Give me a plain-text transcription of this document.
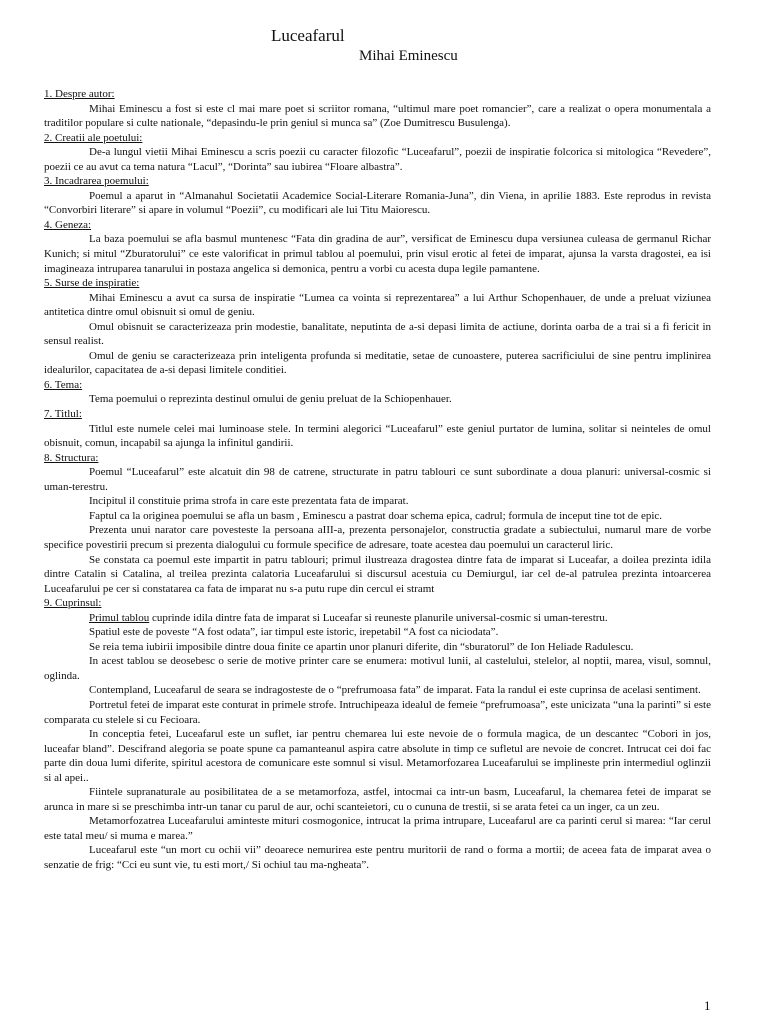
Luceafarul
Mihai Eminescu

1. Despre autor:

Mihai Eminescu a fost si este cl mai mare poet si scriitor romana, “ultimul mare poet romancier”, care a realizat o opera monumentala a traditilor populare si culte nationale, “depasindu-le prin geniul si munca sa” (Zoe Dumitrescu Busulenga).

2. Creatii ale poetului:

De-a lungul vietii Mihai Eminescu a scris poezii cu caracter filozofic “Luceafarul”, poezii de inspiratie folcorica si mitologica “Revedere”, poezii ce au avut ca tema natura “Lacul”, “Dorinta” sau iubirea “Floare albastra”.

3. Incadrarea poemului:

Poemul a aparut in “Almanahul Societatii Academice Social-Literare Romania-Juna”, din Viena, in aprilie 1883. Este reprodus in revista “Convorbiri literare” si apare in volumul “Poezii”, cu modificari ale lui Titu Maiorescu.

4. Geneza:

La baza poemului se afla basmul muntenesc “Fata din gradina de aur”, versificat de Eminescu dupa versiunea culeasa de germanul Richar Kunich; si mitul “Zburatorului” ce este valorificat in primul tablou al poemului, prin visul erotic al fetei de imparat, ajunsa la varsta dragostei, ea isi imagineaza intruparea tanarului in postaza angelica si demonica, pentru a vorbi cu acesta dupa legile pamantene.

5. Surse de inspiratie:

Mihai Eminescu a avut ca sursa de inspiratie “Lumea ca vointa si reprezentarea” a lui Arthur Schopenhauer, de unde a preluat viziunea antitetica dintre omul obisnuit si omul de geniu.

Omul obisnuit se caracterizeaza prin modestie, banalitate, neputinta de a-si depasi limita de actiune, dorinta oarba de a trai si a fi fericit in sensul realist.

Omul de geniu se caracterizeaza prin inteligenta profunda si meditatie, setae de cunoastere, puterea sacrificiului de sine pentru implinirea idealurilor, capacitatea de a-si depasi limitele conditiei.

6. Tema:

Tema poemului o reprezinta destinul omului de geniu preluat de la Schiopenhauer.

7. Titlul:

Titlul este numele celei mai luminoase stele. In termini alegorici “Luceafarul” este geniul purtator de lumina, solitar si neinteles de omul obisnuit, comun, incapabil sa ajunga la infinitul gandirii.

8. Structura:

Poemul “Luceafarul” este alcatuit din 98 de catrene, structurate in patru tablouri ce sunt subordinate a doua planuri: universal-cosmic si uman-terestru.

Incipitul il constituie prima strofa in care este prezentata fata de imparat.

Faptul ca la originea poemului se afla un basm , Eminescu a pastrat doar schema epica, cadrul; formula de inceput tine tot de epic.

Prezenta unui narator care povesteste la persoana aIII-a, prezenta personajelor, constructia gradate a subiectului, numarul mare de vorbe specifice povestirii precum si prezenta dialogului cu formule specifice de adresare, toate acestea dau poemului un caracterul liric.

Se constata ca poemul este impartit in patru tablouri; primul ilustreaza dragostea dintre fata de imparat si Luceafar, a doilea prezinta idila dintre Catalin si Catalina, al treilea prezinta calatoria Luceafarului si discursul acestuia cu Demiurgul, iar cel de-al patrulea prezinta intoarcerea Luceafarului pe cer si constatarea ca fata de imparat nu s-a putu rupe din cercul ei stramt

9. Cuprinsul:

Primul tablou cuprinde idila dintre fata de imparat si Luceafar si reuneste planurile universal-cosmic si uman-terestru.

Spatiul este de poveste “A fost odata”, iar timpul este istoric, irepetabil “A fost ca niciodata”.

Se reia tema iubirii imposibile dintre doua finite ce apartin unor planuri diferite, din “sburatorul” de Ion Heliade Radulescu.

In acest tablou se deosebesc o serie de motive printer care se enumera: motivul lunii, al castelului, stelelor, al noptii, marea, visul, somnul, oglinda.

Contempland, Luceafarul de seara se indragosteste de o “prefrumoasa fata” de imparat. Fata la randul ei este cuprinsa de acelasi sentiment.

Portretul fetei de imparat este conturat in primele strofe. Intruchipeaza idealul de femeie “prefrumoasa”, este unicizata “una la parinti” si este comparata cu stelele si cu Fecioara.

In conceptia fetei, Luceafarul este un suflet, iar pentru chemarea lui este nevoie de o formula magica, de un descantec “Cobori in jos, luceafar bland”. Descifrand alegoria se poate spune ca pamanteanul aspira catre absolute in timp ce sufletul are nevoie de concret. Intrucat cei doi fac parte din doua lumi diferite, spiritul acestora de comunicare este somnul si visul. Metamorfozarea Luceafarului se implineste prin intermediul oglinzii si al apei..

Fiintele supranaturale au posibilitatea de a se metamorfoza, astfel, intocmai ca intr-un basm, Luceafarul, la chemarea fetei de imparat se arunca in mare si se preschimba intr-un tanar cu parul de aur, ochi scanteietori, cu o cununa de trestii, si se arata fetei ca un inger, ca un zeu.

Metamorfozatrea Luceafarului aminteste mituri cosmogonice, intrucat la prima intrupare, Luceafarul are ca parinti cerul si marea: “Iar cerul este tatal meu/ si muma e marea.”

Luceafarul este “un mort cu ochii vii” deoarece nemurirea este pentru muritorii de rand o forma a mortii; de aceea fata de imparat avea o senzatie de frig: “Cci eu sunt vie, tu esti mort,/ Si ochiul tau ma-ngheata”.

1
